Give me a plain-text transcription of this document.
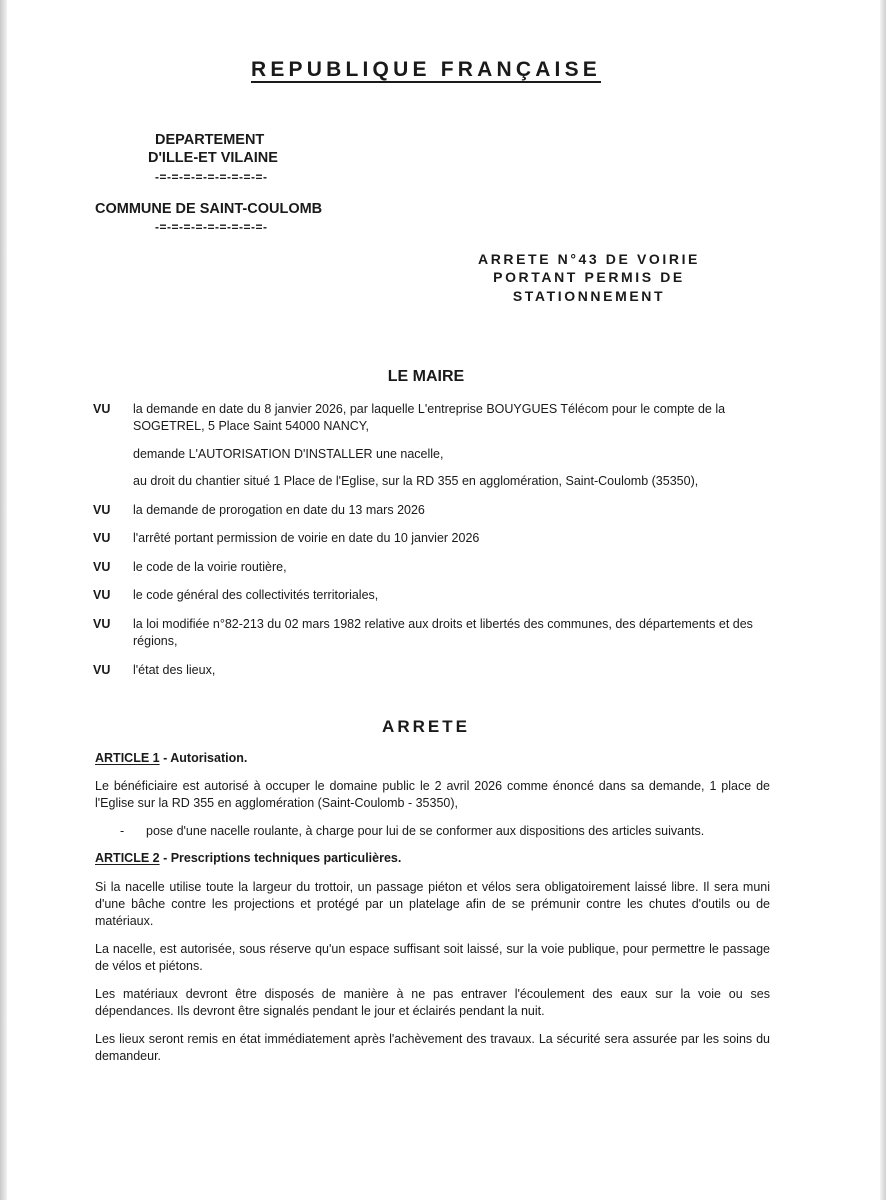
REPUBLIQUE FRANÇAISE
DEPARTEMENT
D'ILLE-ET VILAINE
-=-=-=-=-=-=-=-=-=-
COMMUNE DE SAINT-COULOMB
-=-=-=-=-=-=-=-=-=-
ARRETE N°43 DE VOIRIE
PORTANT PERMIS DE
STATIONNEMENT
LE MAIRE
VU la demande en date du 8 janvier 2026, par laquelle L'entreprise BOUYGUES Télécom pour le compte de la SOGETREL, 5 Place Saint 54000 NANCY,
demande L'AUTORISATION D'INSTALLER une nacelle,
au droit du chantier situé 1 Place de l'Eglise, sur la RD 355 en agglomération, Saint-Coulomb (35350),
VU la demande de prorogation en date du 13 mars 2026
VU l'arrêté portant permission de voirie en date du 10 janvier 2026
VU le code de la voirie routière,
VU le code général des collectivités territoriales,
VU la loi modifiée n°82-213 du 02 mars 1982 relative aux droits et libertés des communes, des départements et des régions,
VU l'état des lieux,
ARRETE
ARTICLE 1 - Autorisation.
Le bénéficiaire est autorisé à occuper le domaine public le 2 avril 2026 comme énoncé dans sa demande, 1 place de l'Eglise sur la RD 355 en agglomération (Saint-Coulomb - 35350),
- pose d'une nacelle roulante, à charge pour lui de se conformer aux dispositions des articles suivants.
ARTICLE 2 - Prescriptions techniques particulières.
Si la nacelle utilise toute la largeur du trottoir, un passage piéton et vélos sera obligatoirement laissé libre. Il sera muni d'une bâche contre les projections et protégé par un platelage afin de se prémunir contre les chutes d'outils ou de matériaux.
La nacelle, est autorisée, sous réserve qu'un espace suffisant soit laissé, sur la voie publique, pour permettre le passage de vélos et piétons.
Les matériaux devront être disposés de manière à ne pas entraver l'écoulement des eaux sur la voie ou ses dépendances. Ils devront être signalés pendant le jour et éclairés pendant la nuit.
Les lieux seront remis en état immédiatement après l'achèvement des travaux. La sécurité sera assurée par les soins du demandeur.
